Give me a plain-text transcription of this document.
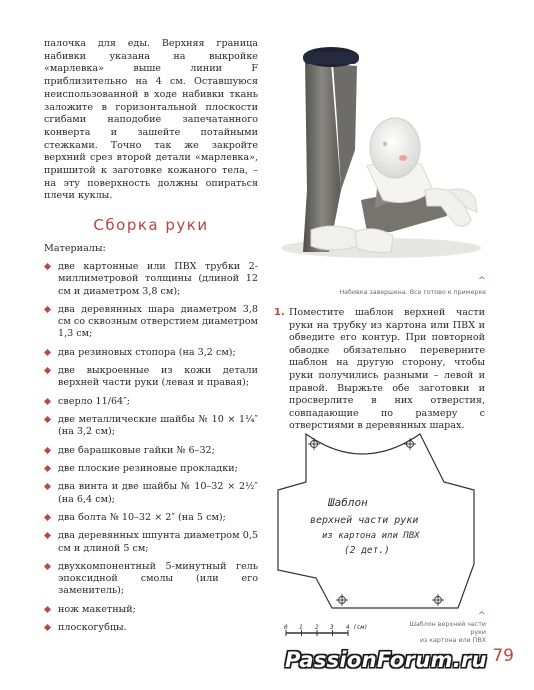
палочка для еды. Верхняя граница набивки указана на выкройке «марлевка» выше линии F приблизительно на 4 см. Оставшуюся неиспользованной в ходе набивки ткань заложите в горизонтальной плоскости сгибами наподобие запечатанного конверта и зашейте потайными стежками. Точно так же закройте верхний срез второй детали «марлевка», пришитой к заготовке кожаного тела, – на эту поверхность должны опираться плечи куклы.

Сборка руки

Материалы:

две картонные или ПВХ трубки 2-миллиметровой толщины (длиной 12 см и диаметром 3,8 см);
два деревянных шара диаметром 3,8 см со сквозным отверстием диаметром 1,3 см;
два резиновых стопора (на 3,2 см);
две выкроенные из кожи детали верхней части руки (левая и правая);
сверло 11/64″;
две металлические шайбы № 10 × 1¼″ (на 3,2 см);
две барашковые гайки № 6–32;
две плоские резиновые прокладки;
два винта и две шайбы № 10–32 × 2½″ (на 6,4 см);
два болта № 10–32 × 2″ (на 5 см);
два деревянных шпунта диаметром 0,5 см и длиной 5 см;
двухкомпонентный 5-минутный гель эпоксидной смолы (или его заменитель);
нож макетный;
плоскогубцы.
^
Набивка завершена. Все готово к примерке
1. Поместите шаблон верхней части руки на трубку из картона или ПВХ и обведите его контур. При повторной обводке обязательно переверните шаблон на другую сторону, чтобы руки получились разными – левой и правой. Выржьте обе заготовки и просверлите в них отверстия, совпадающие по размеру с отверстиями в деревянных шарах.

Шаблон
верхней части руки
из картона или ПВХ
(2 дет.)
0 1 2 3 4 (см)
^
Шаблон верхней части руки
из картона или ПВХ
79
PassionForum.ru
